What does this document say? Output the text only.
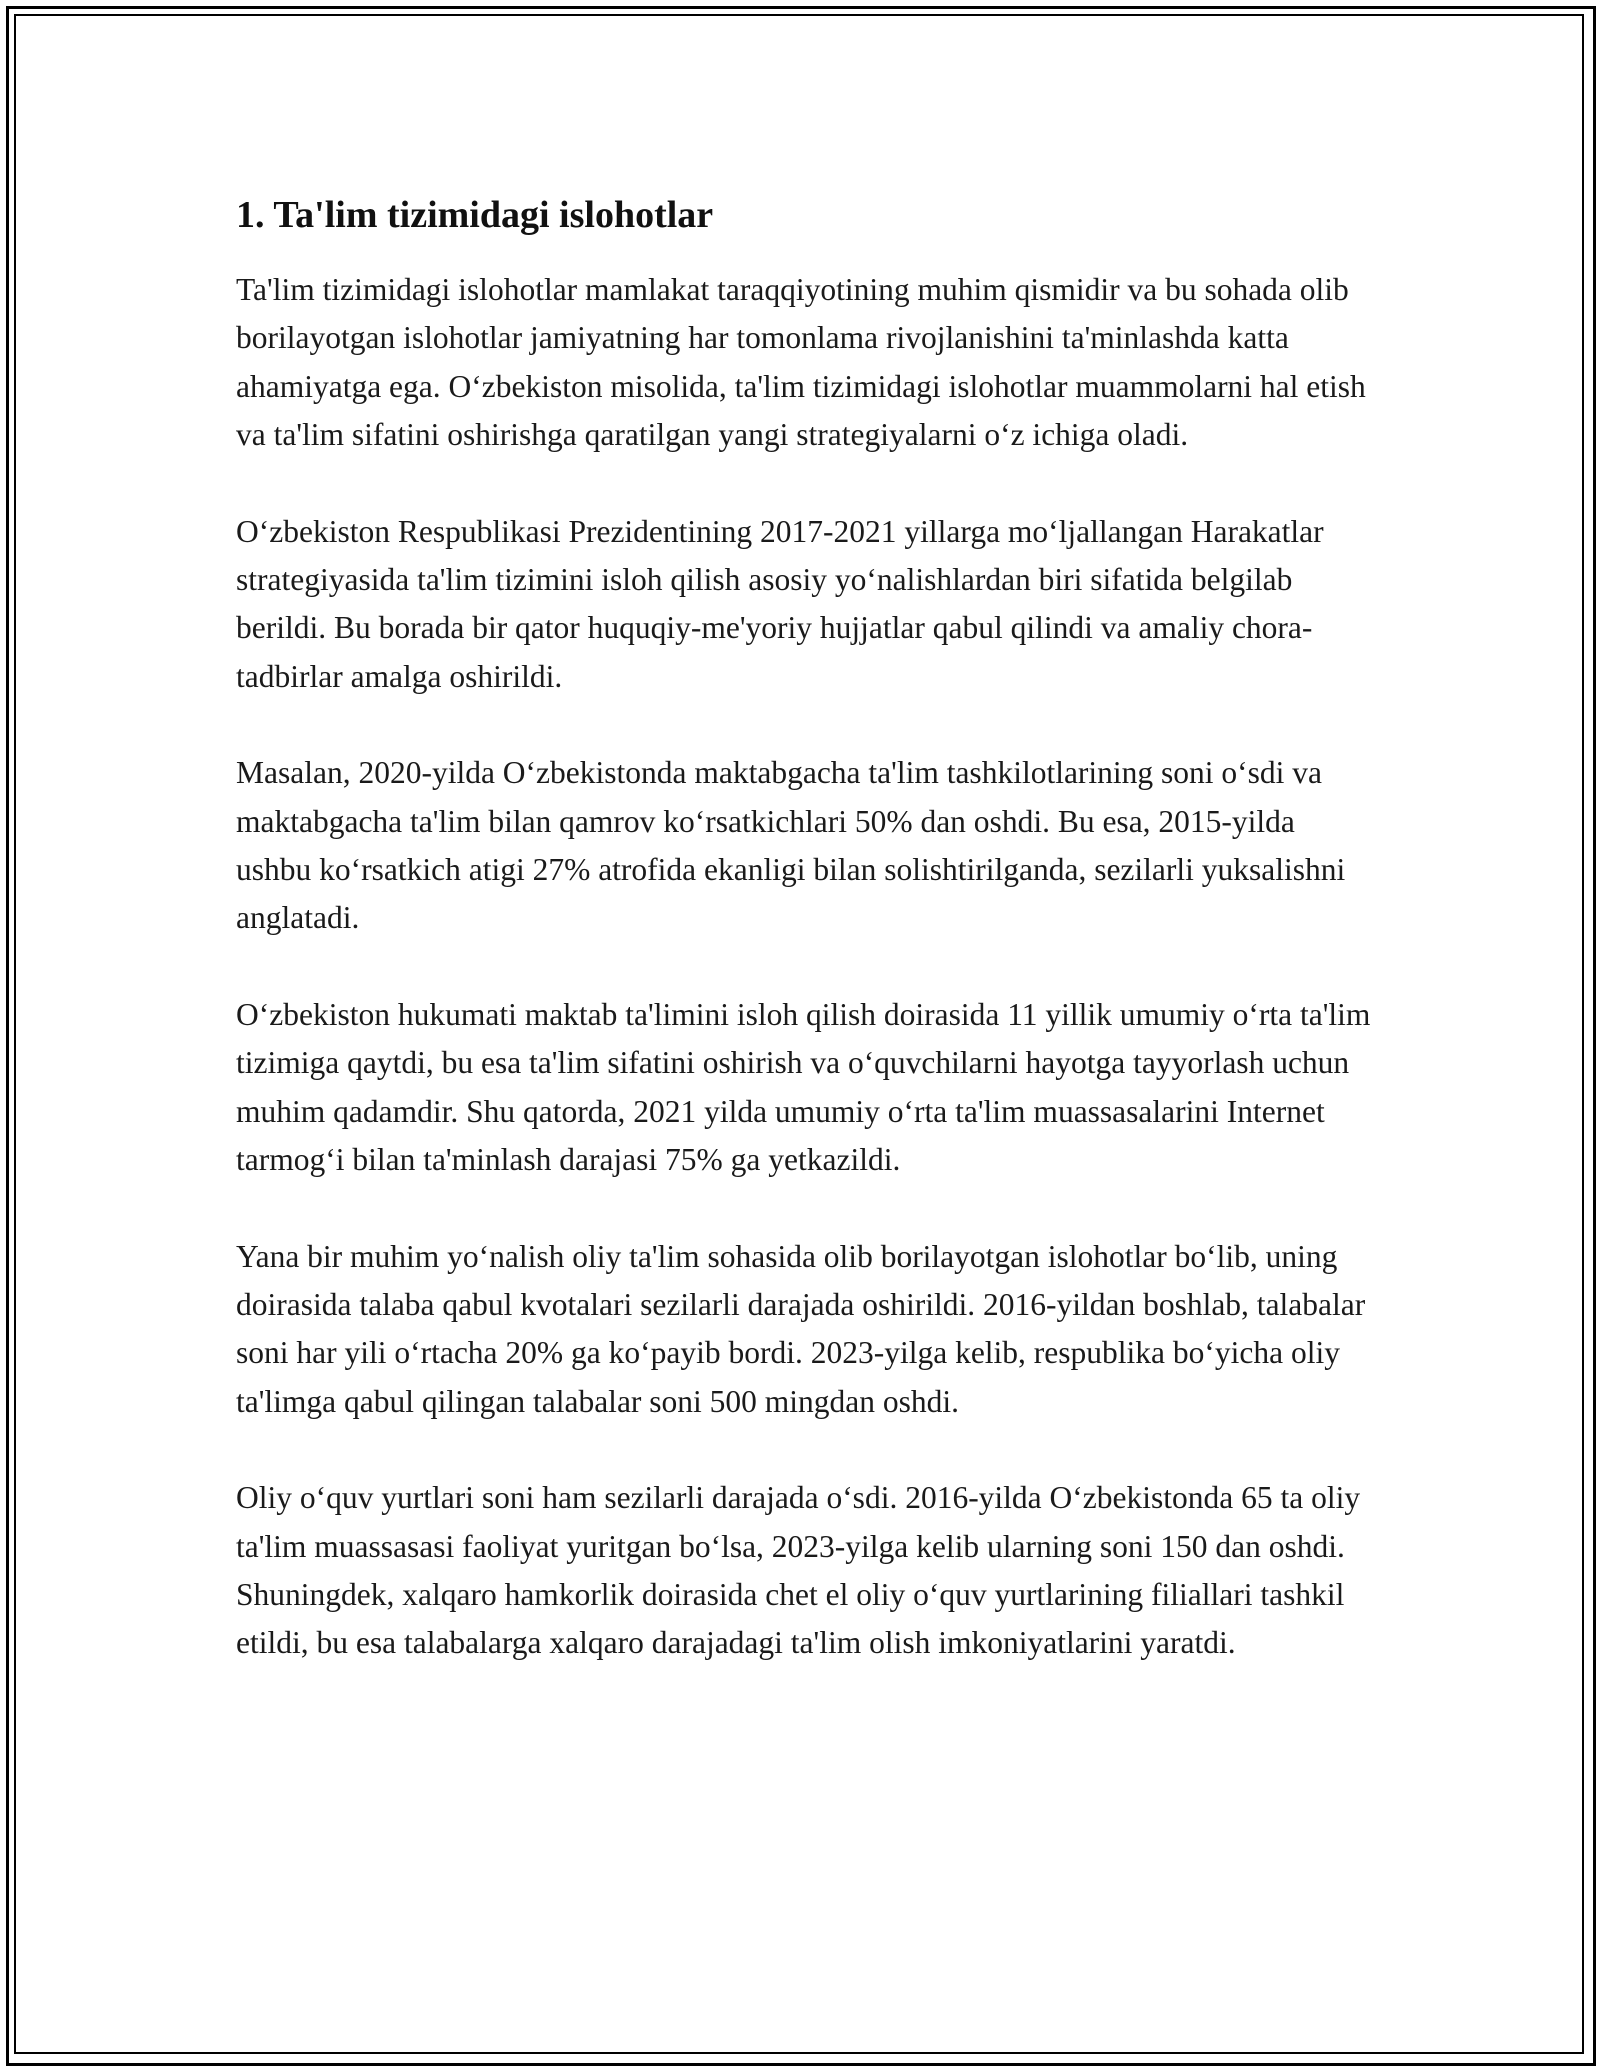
1. Ta'lim tizimidagi islohotlar

Ta'lim tizimidagi islohotlar mamlakat taraqqiyotining muhim qismidir va bu sohada olib borilayotgan islohotlar jamiyatning har tomonlama rivojlanishini ta'minlashda katta ahamiyatga ega. O‘zbekiston misolida, ta'lim tizimidagi islohotlar muammolarni hal etish va ta'lim sifatini oshirishga qaratilgan yangi strategiyalarni o‘z ichiga oladi.

O‘zbekiston Respublikasi Prezidentining 2017-2021 yillarga mo‘ljallangan Harakatlar strategiyasida ta'lim tizimini isloh qilish asosiy yo‘nalishlardan biri sifatida belgilab berildi. Bu borada bir qator huquqiy-me'yoriy hujjatlar qabul qilindi va amaliy chora-tadbirlar amalga oshirildi.

Masalan, 2020-yilda O‘zbekistonda maktabgacha ta'lim tashkilotlarining soni o‘sdi va maktabgacha ta'lim bilan qamrov ko‘rsatkichlari 50% dan oshdi. Bu esa, 2015-yilda ushbu ko‘rsatkich atigi 27% atrofida ekanligi bilan solishtirilganda, sezilarli yuksalishni anglatadi.

O‘zbekiston hukumati maktab ta'limini isloh qilish doirasida 11 yillik umumiy o‘rta ta'lim tizimiga qaytdi, bu esa ta'lim sifatini oshirish va o‘quvchilarni hayotga tayyorlash uchun muhim qadamdir. Shu qatorda, 2021 yilda umumiy o‘rta ta'lim muassasalarini Internet tarmog‘i bilan ta'minlash darajasi 75% ga yetkazildi.

Yana bir muhim yo‘nalish oliy ta'lim sohasida olib borilayotgan islohotlar bo‘lib, uning doirasida talaba qabul kvotalari sezilarli darajada oshirildi. 2016-yildan boshlab, talabalar soni har yili o‘rtacha 20% ga ko‘payib bordi. 2023-yilga kelib, respublika bo‘yicha oliy ta'limga qabul qilingan talabalar soni 500 mingdan oshdi.

Oliy o‘quv yurtlari soni ham sezilarli darajada o‘sdi. 2016-yilda O‘zbekistonda 65 ta oliy ta'lim muassasasi faoliyat yuritgan bo‘lsa, 2023-yilga kelib ularning soni 150 dan oshdi. Shuningdek, xalqaro hamkorlik doirasida chet el oliy o‘quv yurtlarining filiallari tashkil etildi, bu esa talabalarga xalqaro darajadagi ta'lim olish imkoniyatlarini yaratdi.
